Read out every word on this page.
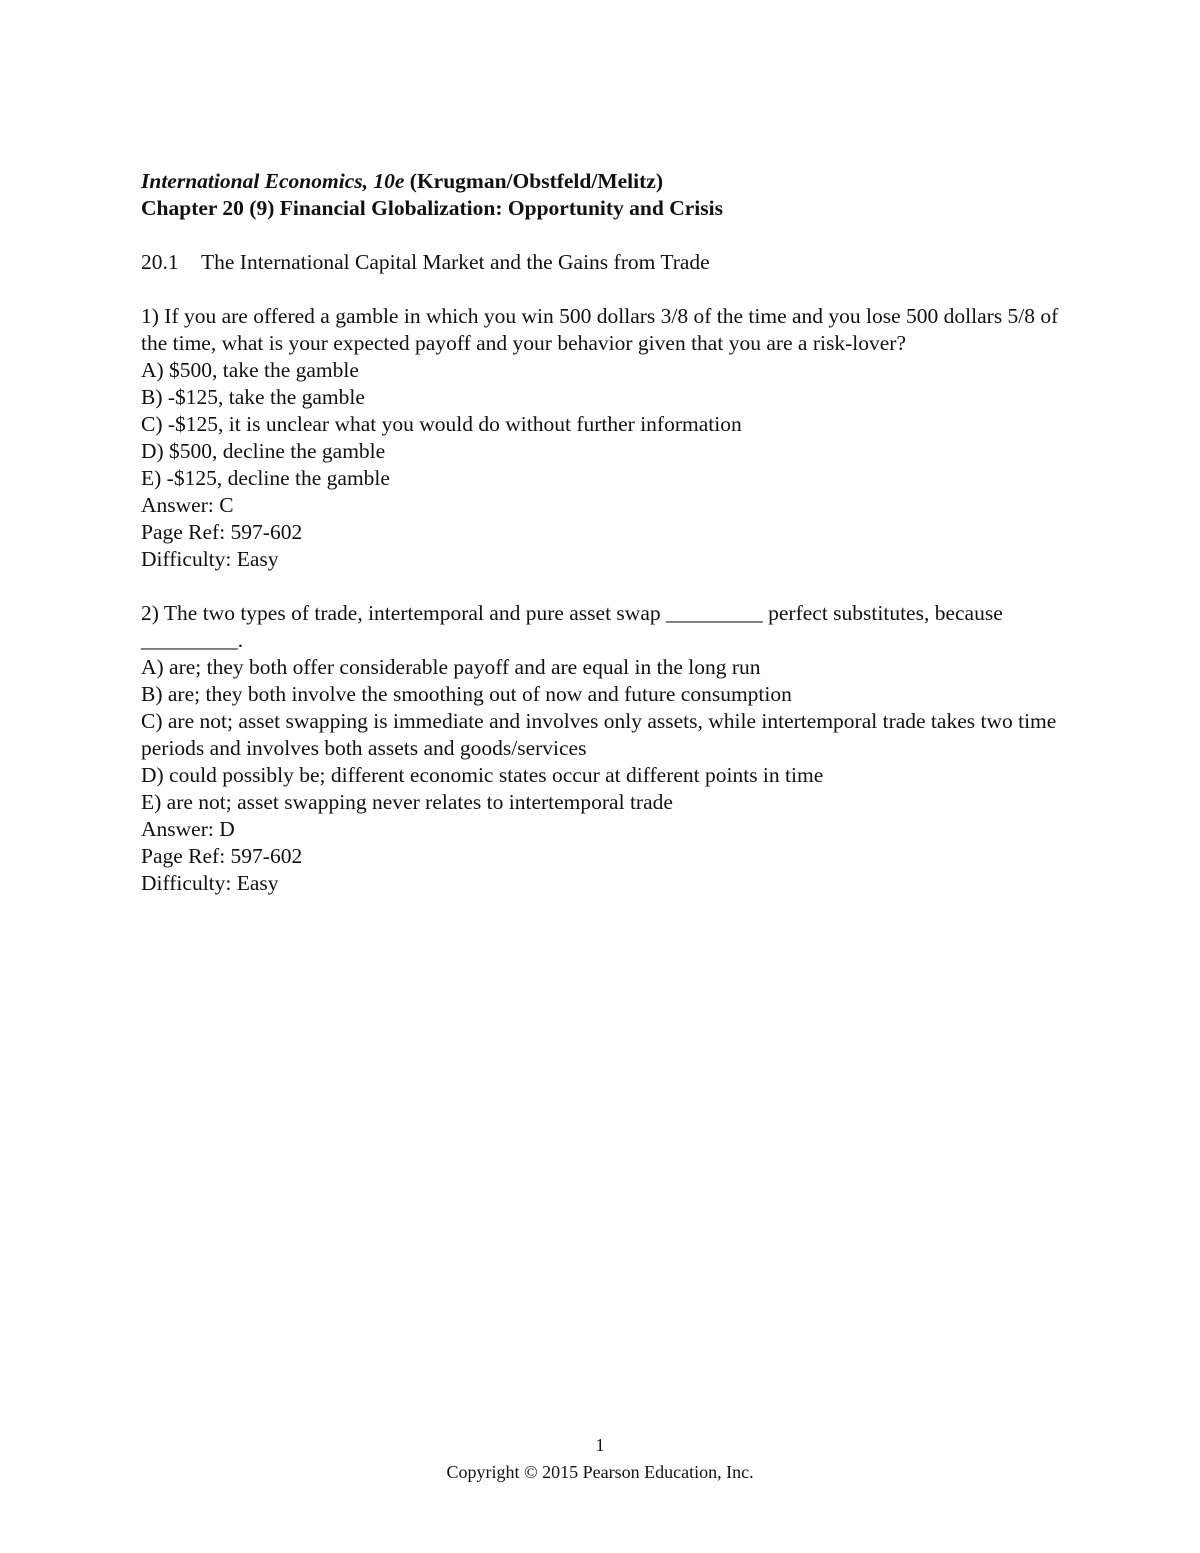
International Economics, 10e (Krugman/Obstfeld/Melitz)
Chapter 20 (9) Financial Globalization: Opportunity and Crisis
20.1 The International Capital Market and the Gains from Trade

1) If you are offered a gamble in which you win 500 dollars 3/8 of the time and you lose 500 dollars 5/8 of the time, what is your expected payoff and your behavior given that you are a risk-lover?

A) $500, take the gamble

B) -$125, take the gamble

C) -$125, it is unclear what you would do without further information

D) $500, decline the gamble

E) -$125, decline the gamble

Answer: C

Page Ref: 597-602

Difficulty: Easy

2) The two types of trade, intertemporal and pure asset swap _________ perfect substitutes, because _________.

A) are; they both offer considerable payoff and are equal in the long run

B) are; they both involve the smoothing out of now and future consumption

C) are not; asset swapping is immediate and involves only assets, while intertemporal trade takes two time periods and involves both assets and goods/services

D) could possibly be; different economic states occur at different points in time

E) are not; asset swapping never relates to intertemporal trade

Answer: D

Page Ref: 597-602

Difficulty: Easy

1
Copyright © 2015 Pearson Education, Inc.
